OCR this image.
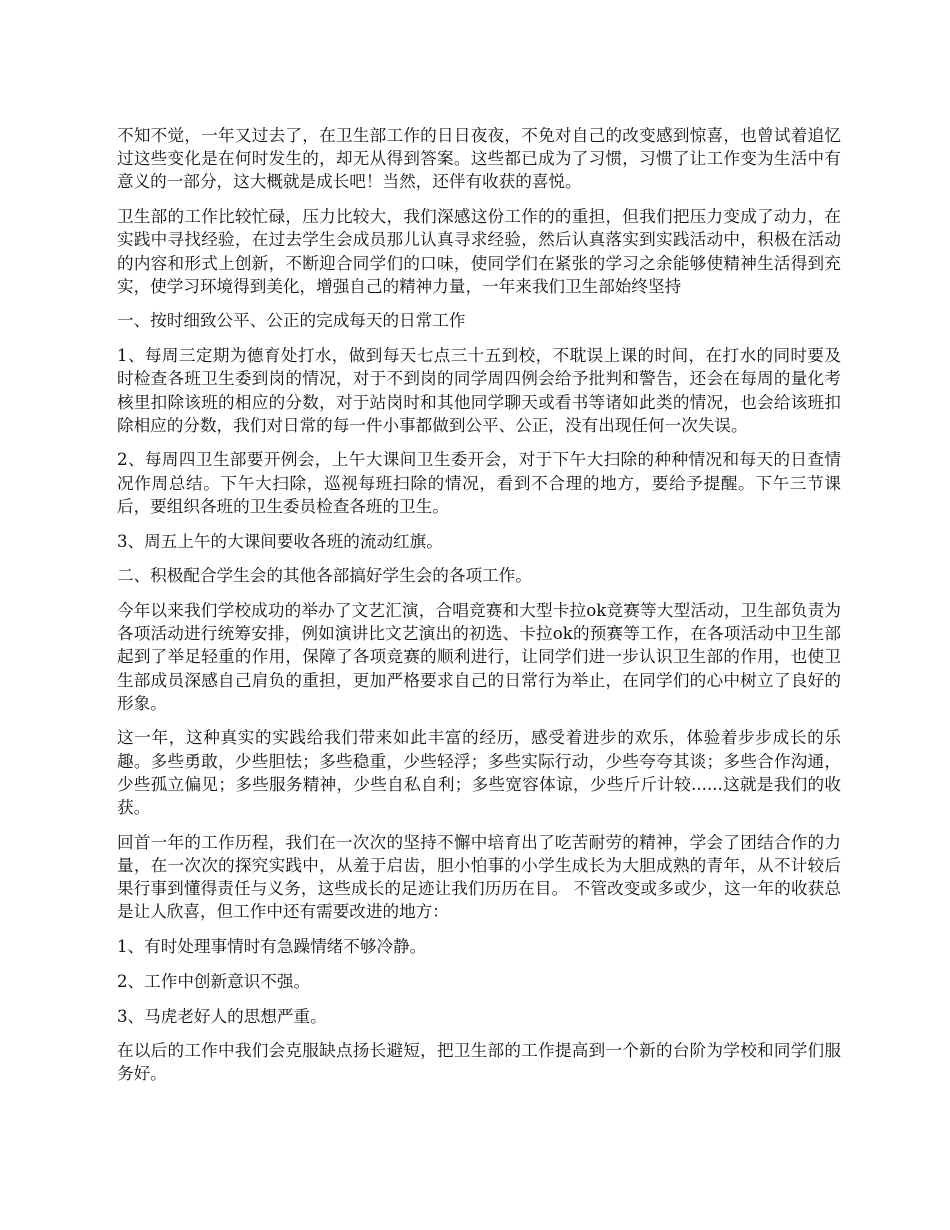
不知不觉，一年又过去了，在卫生部工作的日日夜夜，不免对自己的改变感到惊喜，也曾试着追忆过这些变化是在何时发生的，却无从得到答案。这些都已成为了习惯，习惯了让工作变为生活中有意义的一部分，这大概就是成长吧！当然，还伴有收获的喜悦。

卫生部的工作比较忙碌，压力比较大，我们深感这份工作的的重担，但我们把压力变成了动力，在实践中寻找经验，在过去学生会成员那儿认真寻求经验，然后认真落实到实践活动中，积极在活动的内容和形式上创新，不断迎合同学们的口味，使同学们在紧张的学习之余能够使精神生活得到充实，使学习环境得到美化，增强自己的精神力量，一年来我们卫生部始终坚持

一、按时细致公平、公正的完成每天的日常工作

1、每周三定期为德育处打水，做到每天七点三十五到校，不耽误上课的时间，在打水的同时要及时检查各班卫生委到岗的情况，对于不到岗的同学周四例会给予批判和警告，还会在每周的量化考核里扣除该班的相应的分数，对于站岗时和其他同学聊天或看书等诸如此类的情况，也会给该班扣除相应的分数，我们对日常的每一件小事都做到公平、公正，没有出现任何一次失误。

2、每周四卫生部要开例会，上午大课间卫生委开会，对于下午大扫除的种种情况和每天的日查情况作周总结。下午大扫除，巡视每班扫除的情况，看到不合理的地方，要给予提醒。下午三节课后，要组织各班的卫生委员检查各班的卫生。

3、周五上午的大课间要收各班的流动红旗。

二、积极配合学生会的其他各部搞好学生会的各项工作。

今年以来我们学校成功的举办了文艺汇演，合唱竞赛和大型卡拉ok竞赛等大型活动，卫生部负责为各项活动进行统筹安排，例如演讲比文艺演出的初选、卡拉ok的预赛等工作，在各项活动中卫生部起到了举足轻重的作用，保障了各项竞赛的顺利进行，让同学们进一步认识卫生部的作用，也使卫生部成员深感自己肩负的重担，更加严格要求自己的日常行为举止，在同学们的心中树立了良好的形象。

这一年，这种真实的实践给我们带来如此丰富的经历，感受着进步的欢乐，体验着步步成长的乐趣。多些勇敢，少些胆怯；多些稳重，少些轻浮；多些实际行动，少些夸夸其谈；多些合作沟通，少些孤立偏见；多些服务精神，少些自私自利；多些宽容体谅，少些斤斤计较......这就是我们的收获。

回首一年的工作历程，我们在一次次的坚持不懈中培育出了吃苦耐劳的精神，学会了团结合作的力量，在一次次的探究实践中，从羞于启齿，胆小怕事的小学生成长为大胆成熟的青年，从不计较后果行事到懂得责任与义务，这些成长的足迹让我们历历在目。 不管改变或多或少，这一年的收获总是让人欣喜，但工作中还有需要改进的地方：

1、有时处理事情时有急躁情绪不够冷静。

2、工作中创新意识不强。

3、马虎老好人的思想严重。

在以后的工作中我们会克服缺点扬长避短，把卫生部的工作提高到一个新的台阶为学校和同学们服务好。
